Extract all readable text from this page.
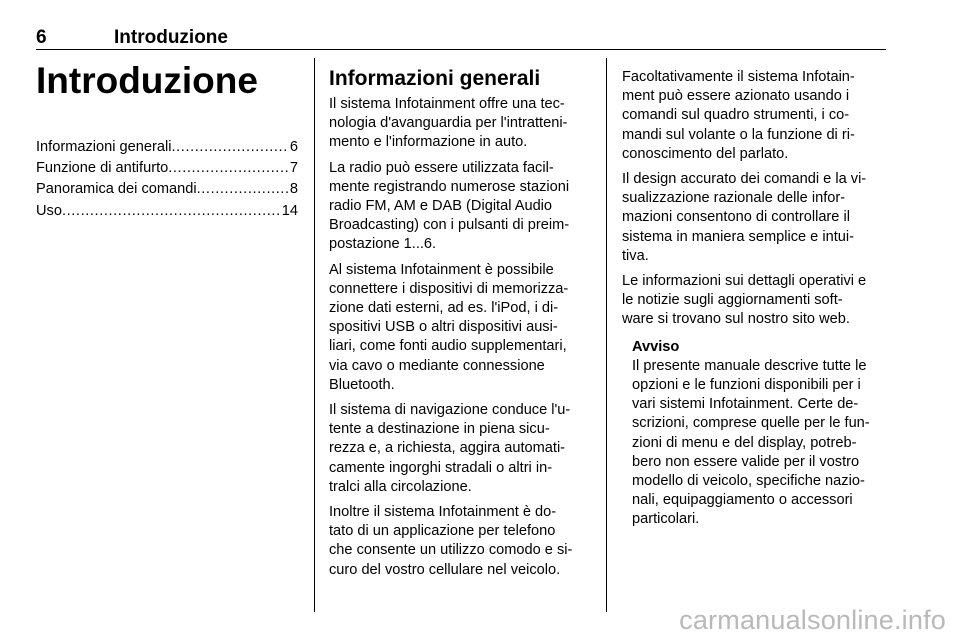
6	Introduzione
Introduzione
Informazioni generali .....	6
Funzione di antifurto .....	7
Panoramica dei comandi .....	8
Uso .....	14
Informazioni generali
Il sistema Infotainment offre una tec-
nologia d'avanguardia per l'intratteni-
mento e l'informazione in auto.
La radio può essere utilizzata facil-
mente registrando numerose stazioni
radio FM, AM e DAB (Digital Audio
Broadcasting) con i pulsanti di preim-
postazione 1...6.
Al sistema Infotainment è possibile
connettere i dispositivi di memorizza-
zione dati esterni, ad es. l'iPod, i di-
spositivi USB o altri dispositivi ausi-
liari, come fonti audio supplementari,
via cavo o mediante connessione
Bluetooth.
Il sistema di navigazione conduce l'u-
tente a destinazione in piena sicu-
rezza e, a richiesta, aggira automati-
camente ingorghi stradali o altri in-
tralci alla circolazione.
Inoltre il sistema Infotainment è do-
tato di un applicazione per telefono
che consente un utilizzo comodo e si-
curo del vostro cellulare nel veicolo.
Facoltativamente il sistema Infotain-
ment può essere azionato usando i
comandi sul quadro strumenti, i co-
mandi sul volante o la funzione di ri-
conoscimento del parlato.
Il design accurato dei comandi e la vi-
sualizzazione razionale delle infor-
mazioni consentono di controllare il
sistema in maniera semplice e intui-
tiva.
Le informazioni sui dettagli operativi e
le notizie sugli aggiornamenti soft-
ware si trovano sul nostro sito web.
Avviso
Il presente manuale descrive tutte le
opzioni e le funzioni disponibili per i
vari sistemi Infotainment. Certe de-
scrizioni, comprese quelle per le fun-
zioni di menu e del display, potreb-
bero non essere valide per il vostro
modello di veicolo, specifiche nazio-
nali, equipaggiamento o accessori
particolari.
carmanualsonline.info
